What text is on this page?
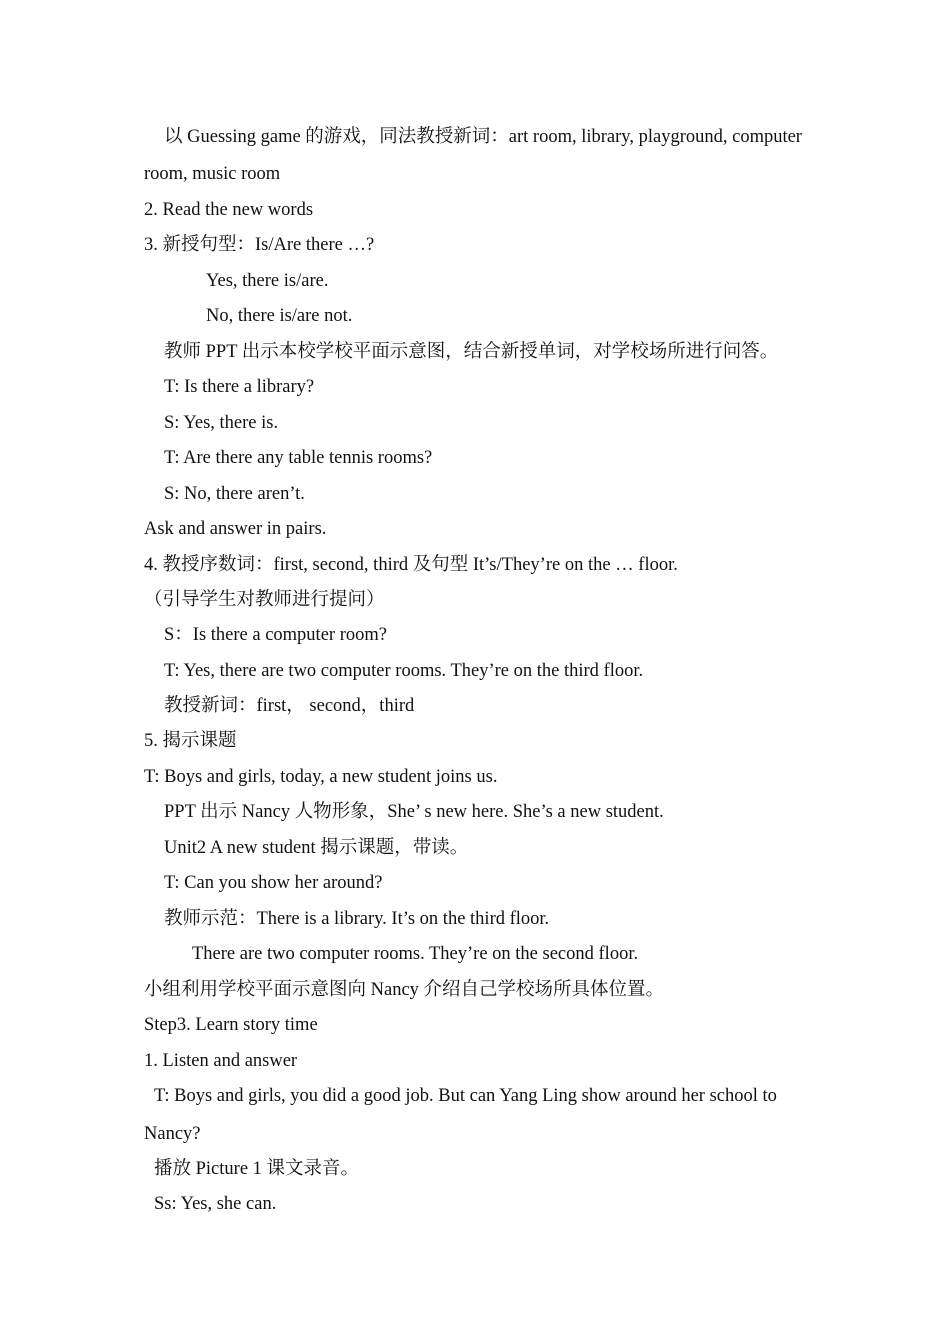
以 Guessing game 的游戏，同法教授新词：art room, library, playground, computer
room, music room
2. Read the new words
3. 新授句型：Is/Are there …?
Yes, there is/are.
No, there is/are not.
教师 PPT 出示本校学校平面示意图，结合新授单词，对学校场所进行问答。
T: Is there a library?
S: Yes, there is.
T: Are there any table tennis rooms?
S: No, there aren’t.
Ask and answer in pairs.
4. 教授序数词：first, second, third 及句型 It’s/They’re on the … floor.
（引导学生对教师进行提问）
S：Is there a computer room?
T: Yes, there are two computer rooms. They’re on the third floor.
教授新词：first， second，third
5. 揭示课题
T: Boys and girls, today, a new student joins us.
PPT 出示 Nancy 人物形象，She’ s new here. She’s a new student.
Unit2 A new student 揭示课题，带读。
T: Can you show her around?
教师示范：There is a library. It’s on the third floor.
There are two computer rooms. They’re on the second floor.
小组利用学校平面示意图向 Nancy 介绍自己学校场所具体位置。
Step3. Learn story time
1. Listen and answer
T: Boys and girls, you did a good job. But can Yang Ling show around her school to
Nancy?
播放 Picture 1 课文录音。
Ss: Yes, she can.
